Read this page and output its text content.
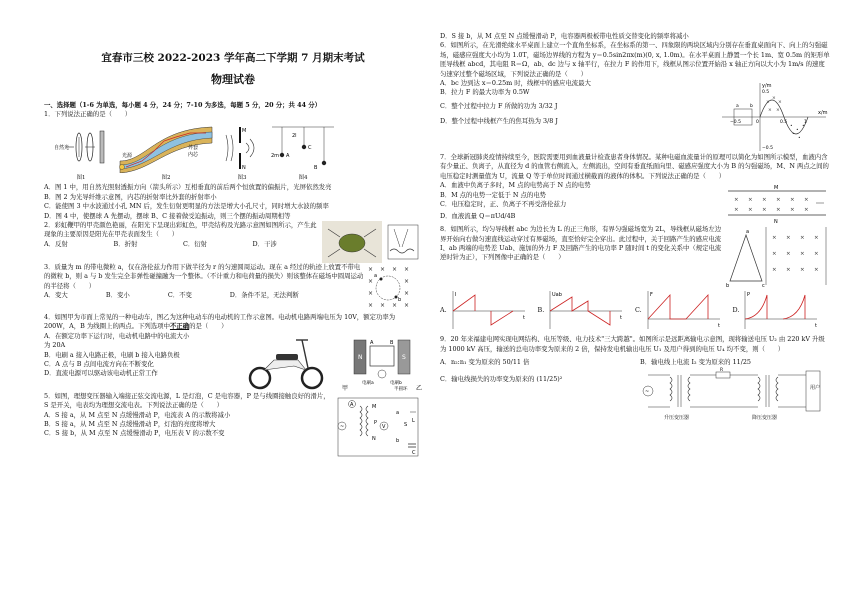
宜春市三校 2022-2023 学年高二下学期 7 月期末考试
物理试卷
一、选择题（1-6 为单选，每小题 4 分，24 分；7-10 为多选，每题 5 分，20 分；共 44 分）
1．下列说法正确的是（　　）
自然光
图1
光源
外套
内芯
图2
M
N
图3
2m A
C
B
2l
图4
A．图 1 中，用自然光照射透振方向（箭头所示）互相垂直的前后两个恒放置的偏振片，光屏依然发亮
B．图 2 为光导纤维示意图，内芯的折射率比外套的折射率小
C．能使图 3 中水波通过小孔 MN 后，发生衍射更明显的方法是增大小孔尺寸，同时增大水波的频率
D．图 4 中，使摆球 A 先摆动，摆球 B、C 接着做受迫振动，则三个摆的振动周期相等
2．彩虹鞭甲的甲壳颜色艳丽，在阳光下呈现出彩虹色，甲壳结构及光路示意图如图所示，产生此现象的主要原因是阳光在甲壳表面发生（　　）
A．反射	B．折射	C．衍射	D．干涉
3．质量为 m 的带电微粒 a，仅在洛伦兹力作用下做半径为 r 的匀速圆周运动。现在 a 经过的轨迹上放置不带电的微粒 b，则 a 与 b 发生完全非弹性碰撞融为一个整体。（不计重力和电荷量的损失）则该整体在磁场中圆周运动的半径将（　　）
A．变大	B．变小	C．不变	D．条件不足，无法判断
× × × ×
×	×
×	×
× × × ×
a
b
4．如图甲为市面上常见的一种电动车，图乙为这种电动车的电动机的工作示意图。电动机电路两端电压为 10V，额定功率为 200W，A，B 为线圈上的两点。下列选项中不正确的是（　　）
A．在额定功率下运行时，电动机电路中的电流大小为 20A
B．电刷 a 接入电路正极，电刷 b 接入电路负极
C．A 点与 B 点间电流方向在不断变化
D．直流电源可以驱动该电动机正常工作
甲
N	S
A	B
电刷a	电刷b
半圆环 乙
5．如图，理想变压器输入端接正弦交流电源，L 是灯泡，C 是电容器，P 是与线圈接触良好的滑片，S 是开关，电表均为理想交流电表。下列说法正确的是（　　）
A．S 接 a，从 M 点至 N 点缓慢滑动 P，电流表 A 的示数将减小
B．S 接 a，从 M 点至 N 点缓慢滑动 P，灯泡的亮度将增大
C．S 接 b，从 M 点至 N 点缓慢滑动 P，电压表 V 的示数不变
~
M
N
P
V
A
a
b
S
L
C
D．S 接 b，从 M 点至 N 点缓慢滑动 P，电容器两极板带电性质交替变化的频率将减小
6．如图所示，在光滑绝缘水平桌面上建立一个直角坐标系，在坐标系的第一、四象限的两块区域内分别存在垂直桌面向下、向上的匀强磁场，磁感应强度大小均为 1.0T，磁场边界线的方程为 y＝0.5sin2πx(m)(0, x, 1.0m)。在水平桌面上静置一个长 1m、宽 0.5m 的矩形单匝导线框 abcd，其电阻 R＝Ω，ab、dc 边与 x 轴平行，在拉力 F 的作用下，线框从图示位置开始沿 x 轴正方向以大小为 1m/s 的速度匀速穿过整个磁场区域，下列说法正确的是（　　）
A．bc 边到达 x＝0.25m 时，线框中的感应电流最大
B．拉力 F 的最大功率为 0.5W
C．整个过程中拉力 F 所做的功为 3/32 J
D．整个过程中线框产生的焦耳热为 3/8 J
y/m
x/m
×
×
×
× ×
•
•
•
•
•
a b
−0.5	0	0.5	1
0.5
−0.5
7．全球新冠肺炎疫情持续至今，医院需要用到血液量计检查患者身体情况。某种电磁血流量计的原理可以简化为如图所示模型，血液内含有少量正、负离子，从直径为 d 的血管右侧流入，左侧流出，空间有垂直纸面向里、磁感应强度大小为 B 的匀强磁场，M、N 两点之间的电压稳定时测量值为 U，流量 Q 等于单位时间通过横截面的液体的体积。下列说法正确的是（　　）
A．血液中负离子多时，M 点的电势高于 N 点的电势
B．M 点的电势一定低于 N 点的电势
C．电压稳定时，正、负离子不再受洛伦兹力
D．血液流量 Q＝πUd/4B
× × × × × ×
× × × × × ×
M
N
8．如图所示，均匀导线框 abc 为边长为 L 的正三角形，有界匀强磁场宽为 2L，导线框从磁场左边界开始向右做匀速直线运动穿过有界磁场，直至恰好完全穿出。此过程中，关于回路产生的感应电流 I、ab 两端的电势差 Uab、施加的外力 F 及回路产生的电功率 P 随时间 t 的变化关系中（规定电流逆时针为正），下列图像中正确的是（　　）
a
b	c
× × × ×
× × × ×
× × × ×
A.
I
t
B.
Uab
t
C.
F
t
D.
P
t
9．20 年来福建电网实现电网结构、电压等级、电力技术"三大跨越"。如图所示是远距离输电示意图，现将输送电压 U₂ 由 220 kV 升级为 1000 kV 高压，输送的总电功率变为原来的 2 倍，保持发电机输出电压 U₁ 及用户得到的电压 U₄ 均不变，则（　　）
A．n₂:n₁ 变为原来的 50/11 倍
C．输电线损失的功率变为原来的 (11/25)²
B．输电线上电流 I₂ 变为原来的 11/25
~
R
用户
升压变压器	降压变压器
